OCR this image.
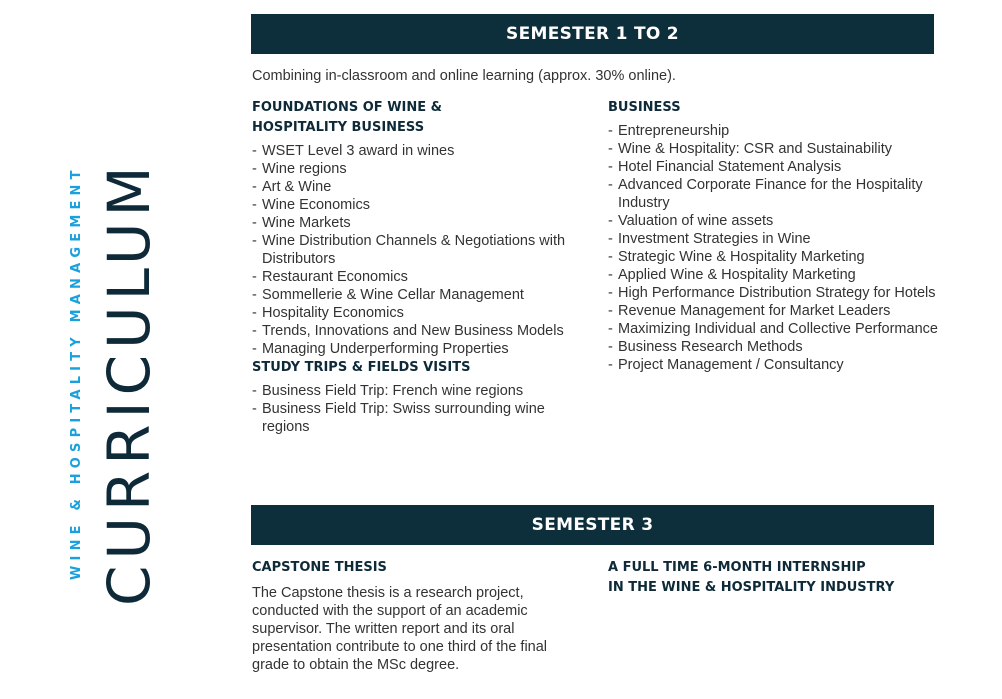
CURRICULUM
WINE & HOSPITALITY MANAGEMENT
SEMESTER 1 TO 2
Combining in-classroom and online learning (approx. 30% online).
FOUNDATIONS OF WINE &
HOSPITALITY BUSINESS
- WSET Level 3 award in wines
- Wine regions
- Art & Wine
- Wine Economics
- Wine Markets
- Wine Distribution Channels & Negotiations with Distributors
- Restaurant Economics
- Sommellerie & Wine Cellar Management
- Hospitality Economics
- Trends, Innovations and New Business Models
- Managing Underperforming Properties
STUDY TRIPS & FIELDS VISITS
- Business Field Trip: French wine regions
- Business Field Trip: Swiss surrounding wine regions
BUSINESS
- Entrepreneurship
- Wine & Hospitality: CSR and Sustainability
- Hotel Financial Statement Analysis
- Advanced Corporate Finance for the Hospitality Industry
- Valuation of wine assets
- Investment Strategies in Wine
- Strategic Wine & Hospitality Marketing
- Applied Wine & Hospitality Marketing
- High Performance Distribution Strategy for Hotels
- Revenue Management for Market Leaders
- Maximizing Individual and Collective Performance
- Business Research Methods
- Project Management / Consultancy
SEMESTER 3
CAPSTONE THESIS

The Capstone thesis is a research project, conducted with the support of an academic supervisor. The written report and its oral presentation contribute to one third of the final grade to obtain the MSc degree.

A FULL TIME 6-MONTH INTERNSHIP
IN THE WINE & HOSPITALITY INDUSTRY
